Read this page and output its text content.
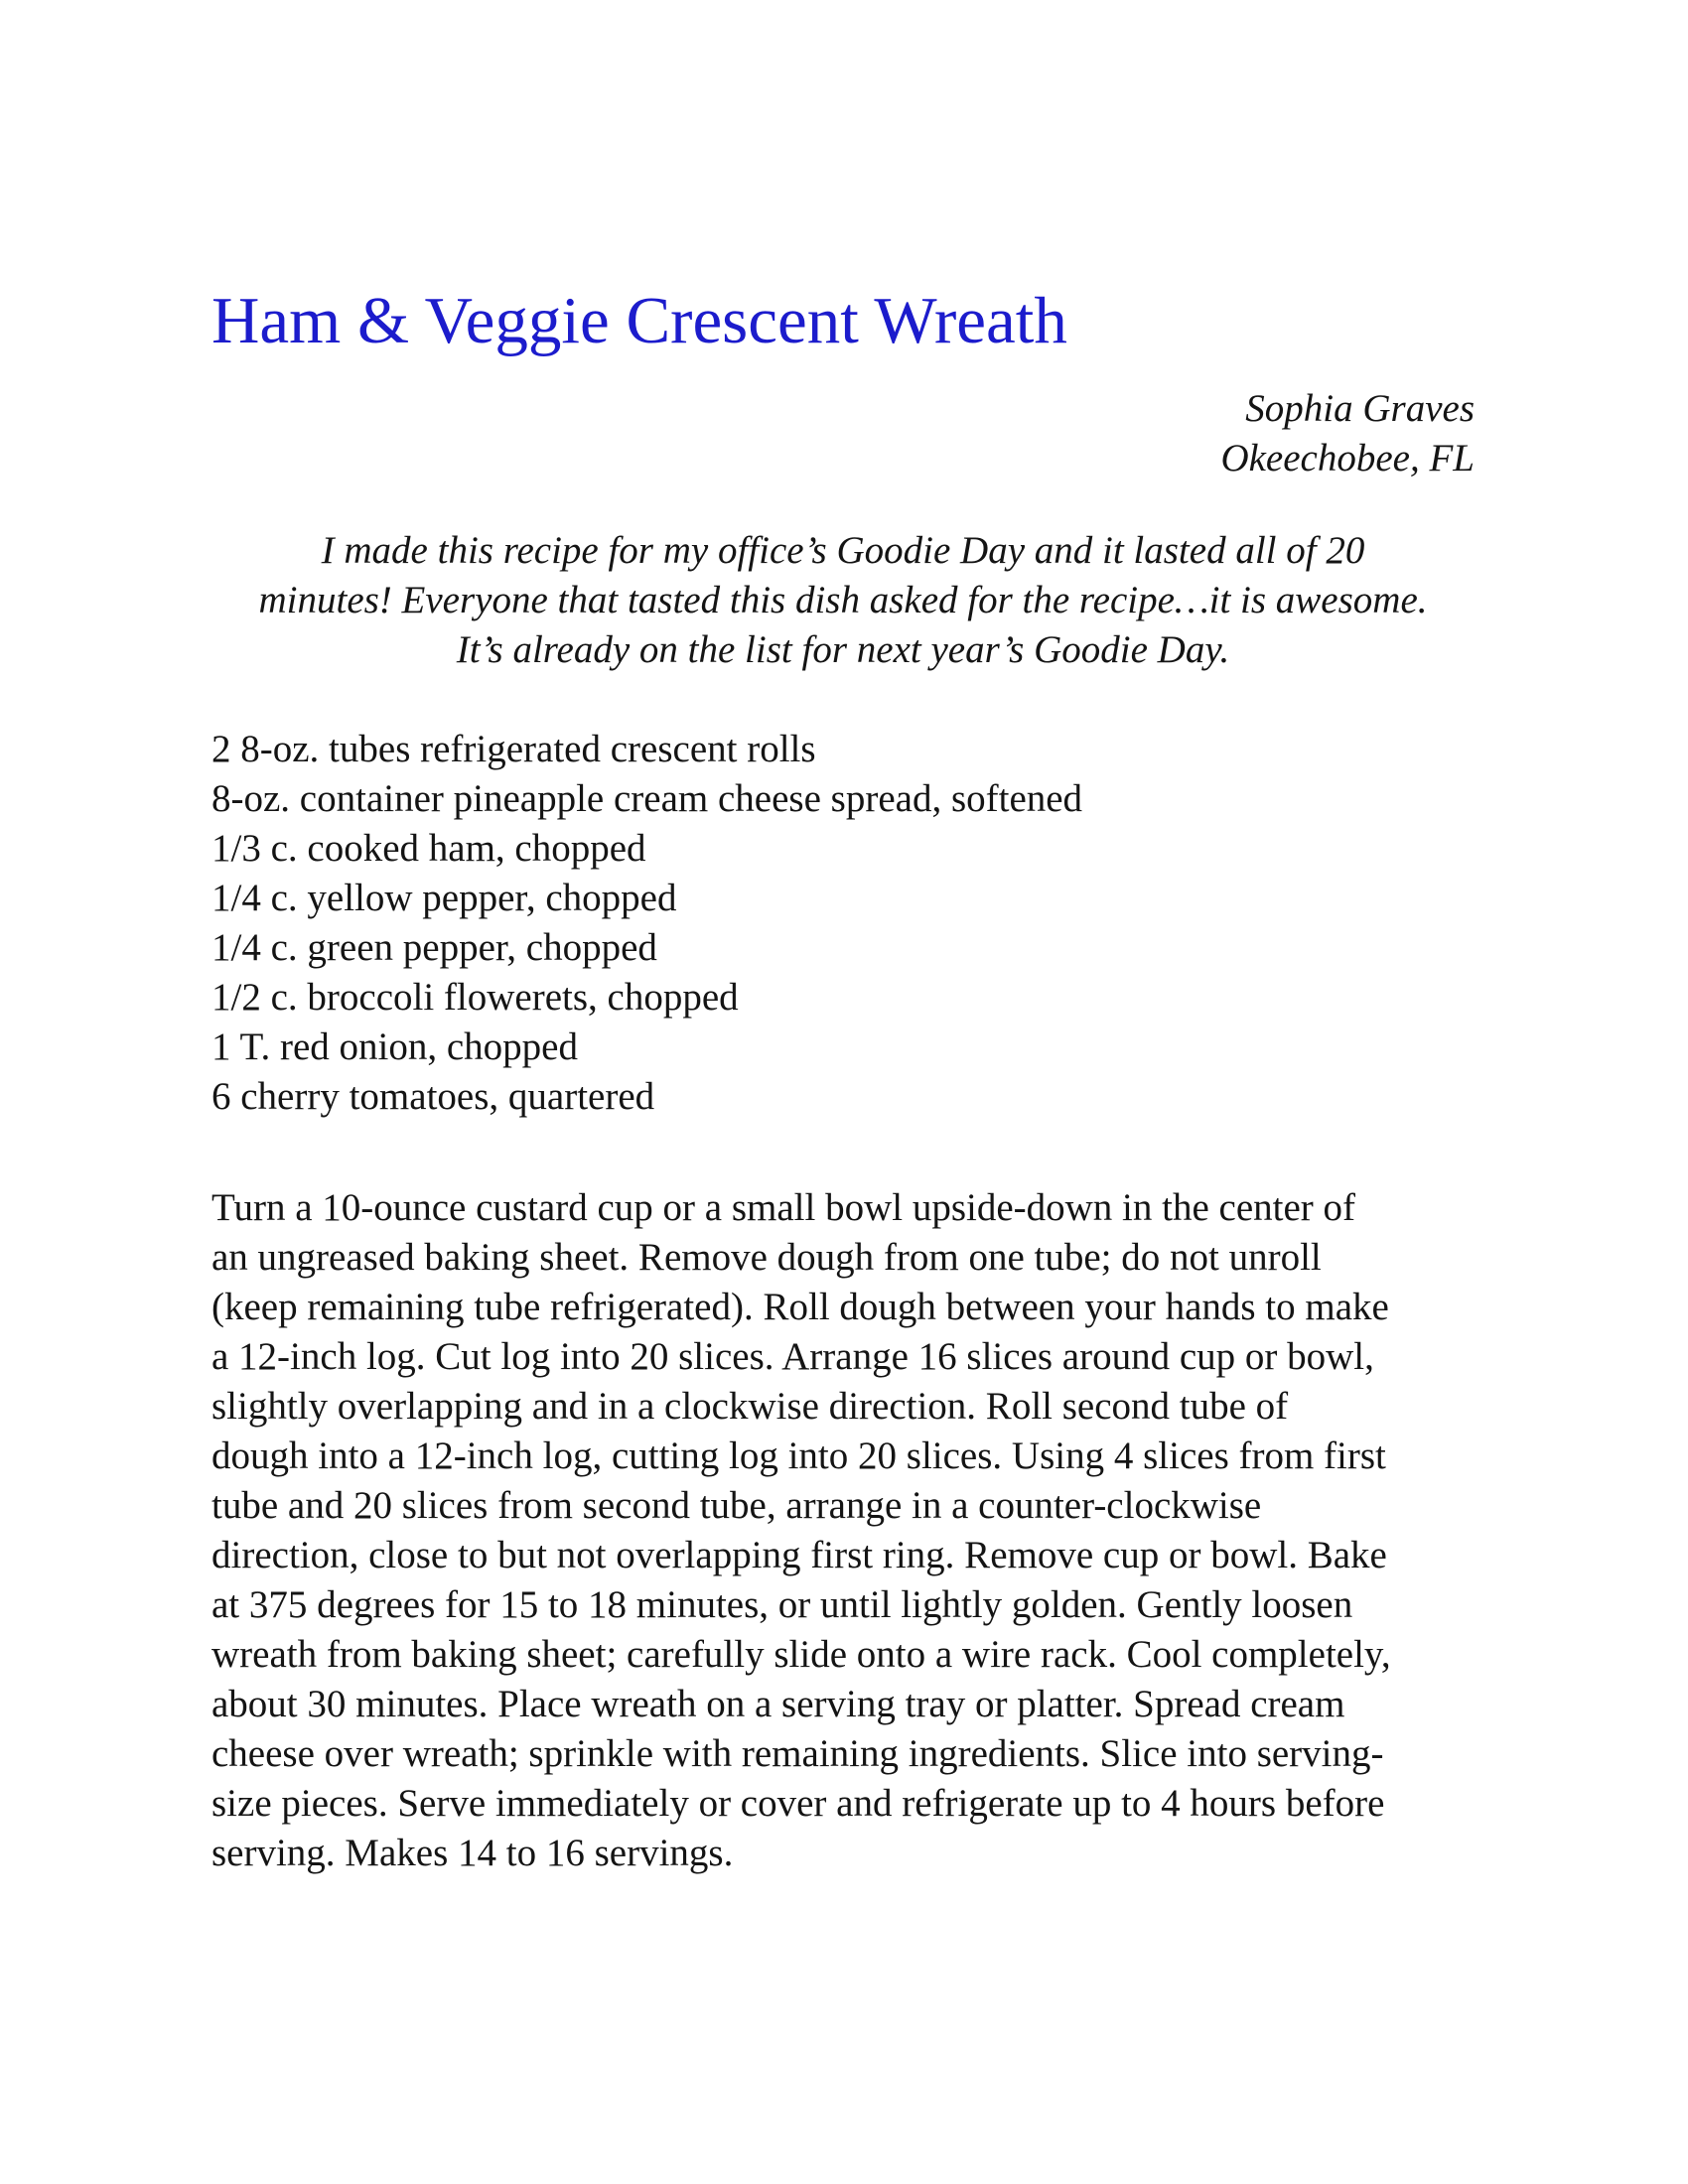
Ham & Veggie Crescent Wreath
Sophia Graves
Okeechobee, FL
I made this recipe for my office’s Goodie Day and it lasted all of 20
minutes! Everyone that tasted this dish asked for the recipe…it is awesome.
It’s already on the list for next year’s Goodie Day.
2 8-oz. tubes refrigerated crescent rolls
8-oz. container pineapple cream cheese spread, softened
1/3 c. cooked ham, chopped
1/4 c. yellow pepper, chopped
1/4 c. green pepper, chopped
1/2 c. broccoli flowerets, chopped
1 T. red onion, chopped
6 cherry tomatoes, quartered
Turn a 10-ounce custard cup or a small bowl upside-down in the center of
an ungreased baking sheet. Remove dough from one tube; do not unroll
(keep remaining tube refrigerated). Roll dough between your hands to make
a 12-inch log. Cut log into 20 slices. Arrange 16 slices around cup or bowl,
slightly overlapping and in a clockwise direction. Roll second tube of
dough into a 12-inch log, cutting log into 20 slices. Using 4 slices from first
tube and 20 slices from second tube, arrange in a counter-clockwise
direction, close to but not overlapping first ring. Remove cup or bowl. Bake
at 375 degrees for 15 to 18 minutes, or until lightly golden. Gently loosen
wreath from baking sheet; carefully slide onto a wire rack. Cool completely,
about 30 minutes. Place wreath on a serving tray or platter. Spread cream
cheese over wreath; sprinkle with remaining ingredients. Slice into serving-
size pieces. Serve immediately or cover and refrigerate up to 4 hours before
serving. Makes 14 to 16 servings.
